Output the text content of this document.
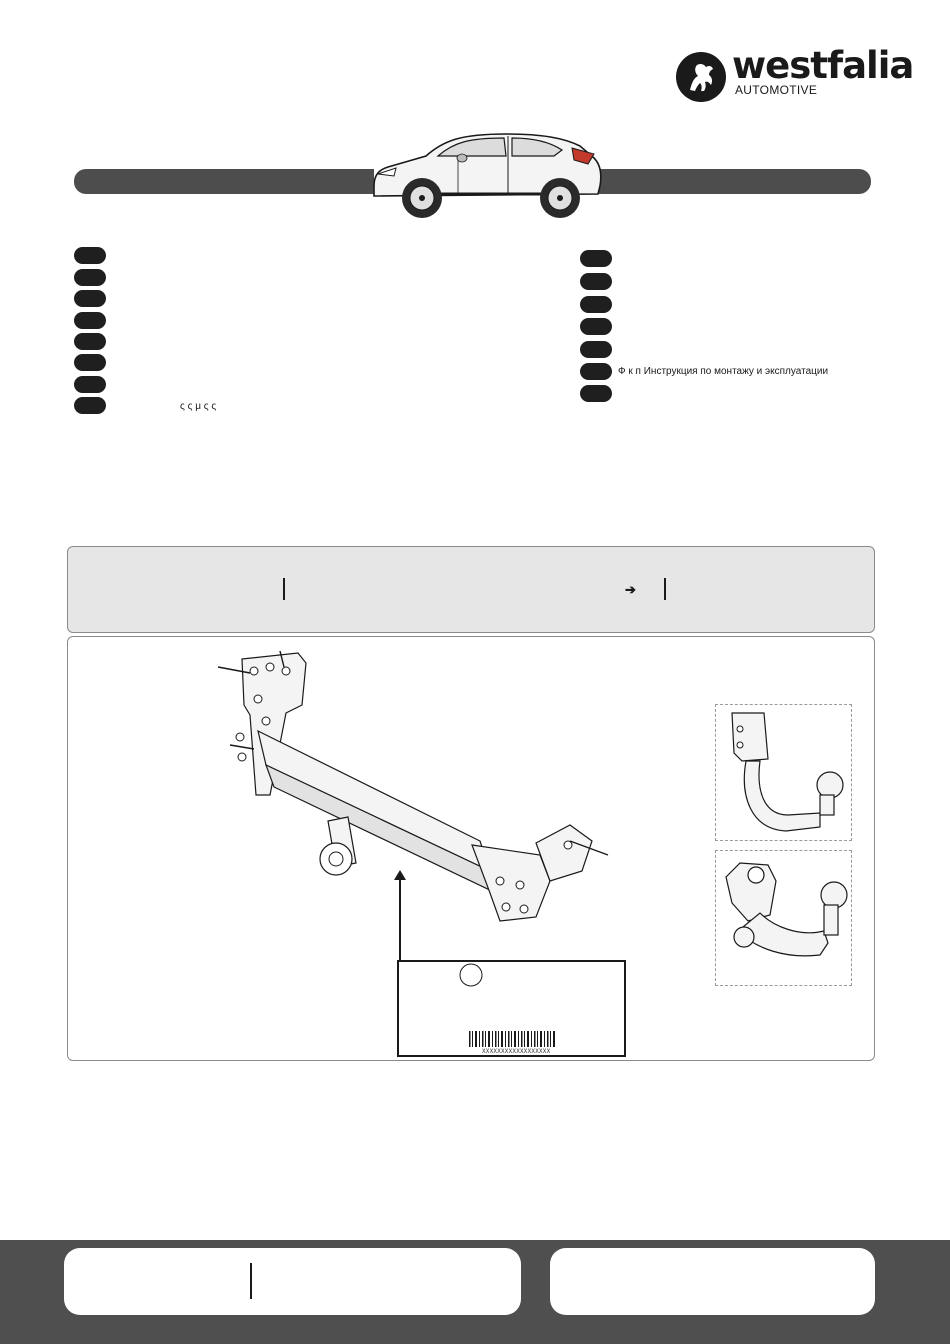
westfalia
AUTOMOTIVE
ς ς μ ς ς
Ф к п Инструкция по монтажу и эксплуатации
➔
XXXXXXXXXXXXXXXXXX
